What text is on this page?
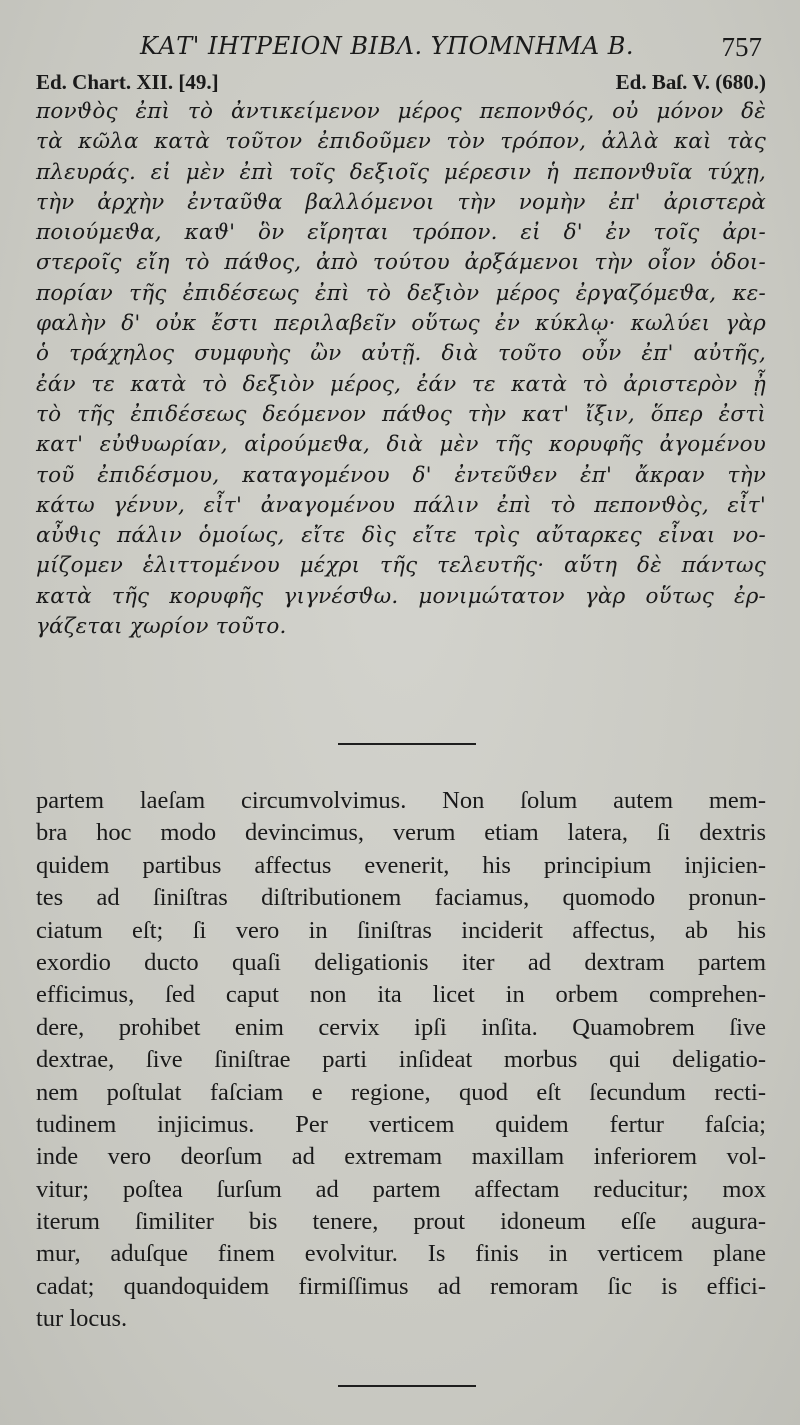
ΚΑΤ' ΙΗΤΡΕΙΟΝ ΒΙΒΛ. ΥΠΟΜΝΗΜΑ Β.	757
Ed. Chart. XII. [49.]	Ed. Baſ. V. (680.)
πονϑὸς ἐπὶ τὸ ἀντικείμενον μέρος πεπονϑός, οὐ μόνον δὲ
τὰ κῶλα κατὰ τοῦτον ἐπιδοῦμεν τὸν τρόπον, ἀλλὰ καὶ τὰς
πλευράς. εἰ μὲν ἐπὶ τοῖς δεξιοῖς μέρεσιν ἡ πεπονϑυῖα τύχῃ,
τὴν ἀρχὴν ἐνταῦϑα βαλλόμενοι τὴν νομὴν ἐπ' ἀριστερὰ
ποιούμεϑα, καϑ' ὃν εἴρηται τρόπον. εἰ δ' ἐν τοῖς ἀρι-
στεροῖς εἴη τὸ πάϑος, ἀπὸ τούτου ἀρξάμενοι τὴν οἷον ὁδοι-
πορίαν τῆς ἐπιδέσεως ἐπὶ τὸ δεξιὸν μέρος ἐργαζόμεϑα, κε-
φαλὴν δ' οὐκ ἔστι περιλαβεῖν οὕτως ἐν κύκλῳ· κωλύει γὰρ
ὁ τράχηλος συμφυὴς ὢν αὐτῇ. διὰ τοῦτο οὖν ἐπ' αὐτῆς,
ἐάν τε κατὰ τὸ δεξιὸν μέρος, ἐάν τε κατὰ τὸ ἀριστερὸν ᾖ
τὸ τῆς ἐπιδέσεως δεόμενον πάϑος τὴν κατ' ἴξιν, ὅπερ ἐστὶ
κατ' εὐϑυωρίαν, αἱρούμεϑα, διὰ μὲν τῆς κορυφῆς ἀγομένου
τοῦ ἐπιδέσμου, καταγομένου δ' ἐντεῦϑεν ἐπ' ἄκραν τὴν
κάτω γένυν, εἶτ' ἀναγομένου πάλιν ἐπὶ τὸ πεπονϑὸς, εἶτ'
αὖϑις πάλιν ὁμοίως, εἴτε δὶς εἴτε τρὶς αὔταρκες εἶναι νο-
μίζομεν ἑλιττομένου μέχρι τῆς τελευτῆς· αὕτη δὲ πάντως
κατὰ τῆς κορυφῆς γιγνέσϑω. μονιμώτατον γὰρ οὕτως ἐρ-
γάζεται χωρίον τοῦτο.
partem laeſam circumvolvimus. Non ſolum autem mem-
bra hoc modo devincimus, verum etiam latera, ſi dextris
quidem partibus affectus evenerit, his principium injicien-
tes ad ſiniſtras diſtributionem faciamus, quomodo pronun-
ciatum eſt; ſi vero in ſiniſtras inciderit affectus, ab his
exordio ducto quaſi deligationis iter ad dextram partem
efficimus, ſed caput non ita licet in orbem comprehen-
dere, prohibet enim cervix ipſi inſita. Quamobrem ſive
dextrae, ſive ſiniſtrae parti inſideat morbus qui deligatio-
nem poſtulat faſciam e regione, quod eſt ſecundum recti-
tudinem injicimus. Per verticem quidem fertur faſcia;
inde vero deorſum ad extremam maxillam inferiorem vol-
vitur; poſtea ſurſum ad partem affectam reducitur; mox
iterum ſimiliter bis tenere, prout idoneum eſſe augura-
mur, aduſque finem evolvitur. Is finis in verticem plane
cadat; quandoquidem firmiſſimus ad remoram ſic is effici-
tur locus.
